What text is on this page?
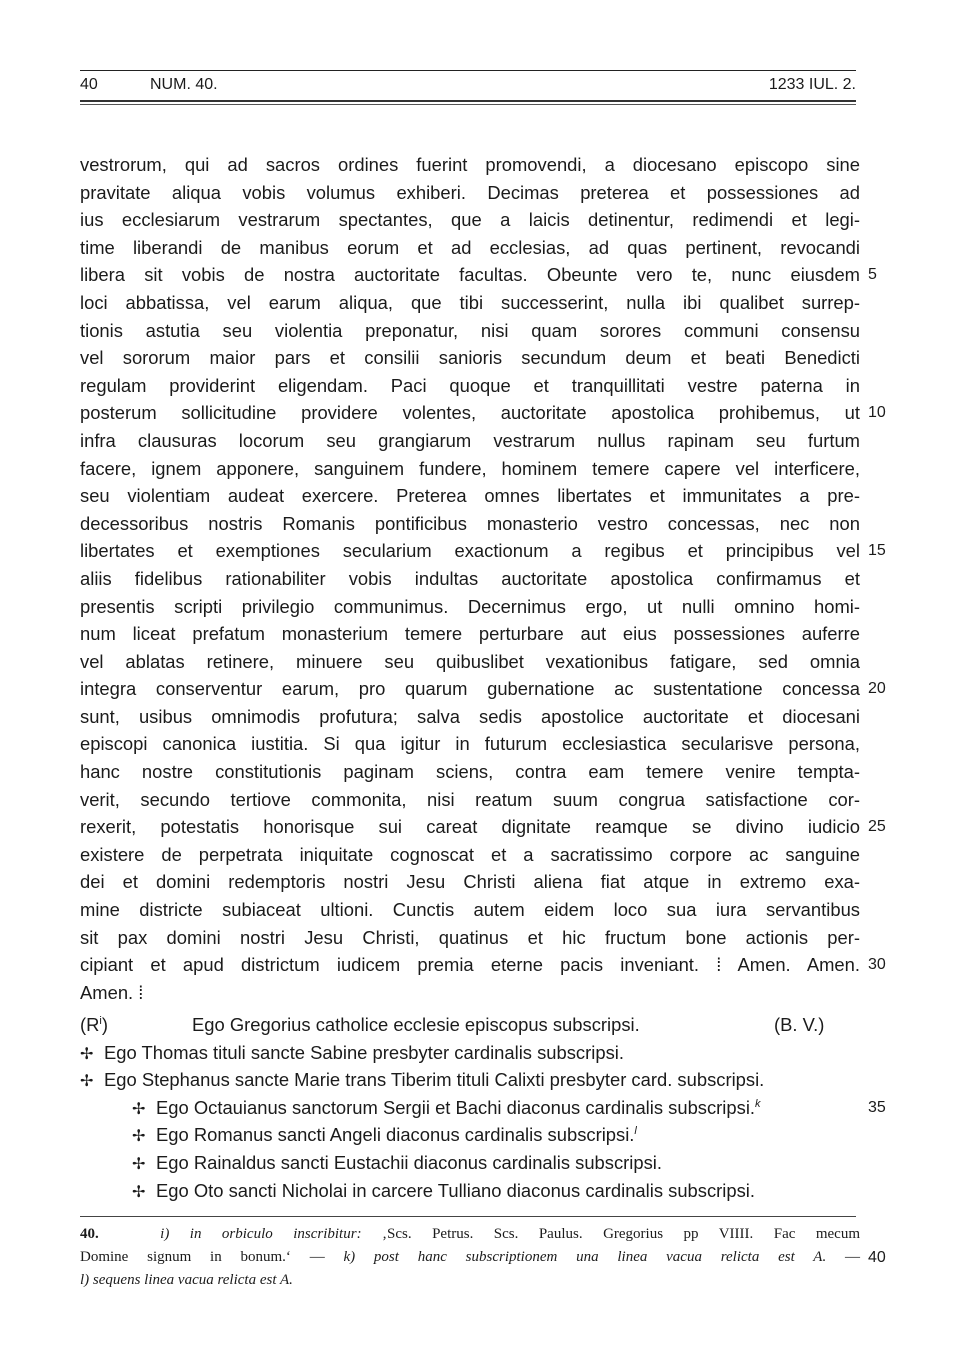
40	NUM. 40.	1233 IUL. 2.
vestrorum, qui ad sacros ordines fuerint promovendi, a diocesano episcopo sine
pravitate aliqua vobis volumus exhiberi. Decimas preterea et possessiones ad
ius ecclesiarum vestrarum spectantes, que a laicis detinentur, redimendi et legi-
time liberandi de manibus eorum et ad ecclesias, ad quas pertinent, revocandi
libera sit vobis de nostra auctoritate facultas. Obeunte vero te, nunc eiusdem 5
loci abbatissa, vel earum aliqua, que tibi successerint, nulla ibi qualibet surrep-
tionis astutia seu violentia preponatur, nisi quam sorores communi consensu
vel sororum maior pars et consilii sanioris secundum deum et beati Benedicti
regulam providerint eligendam. Paci quoque et tranquillitati vestre paterna in
posterum sollicitudine providere volentes, auctoritate apostolica prohibemus, ut 10
infra clausuras locorum seu grangiarum vestrarum nullus rapinam seu furtum
facere, ignem apponere, sanguinem fundere, hominem temere capere vel interficere,
seu violentiam audeat exercere. Preterea omnes libertates et immunitates a pre-
decessoribus nostris Romanis pontificibus monasterio vestro concessas, nec non
libertates et exemptiones secularium exactionum a regibus et principibus vel 15
aliis fidelibus rationabiliter vobis indultas auctoritate apostolica confirmamus et
presentis scripti privilegio communimus. Decernimus ergo, ut nulli omnino homi-
num liceat prefatum monasterium temere perturbare aut eius possessiones auferre
vel ablatas retinere, minuere seu quibuslibet vexationibus fatigare, sed omnia
integra conserventur earum, pro quarum gubernatione ac sustentatione concessa 20
sunt, usibus omnimodis profutura; salva sedis apostolice auctoritate et diocesani
episcopi canonica iustitia. Si qua igitur in futurum ecclesiastica secularisve persona,
hanc nostre constitutionis paginam sciens, contra eam temere venire tempta-
verit, secundo tertiove commonita, nisi reatum suum congrua satisfactione cor-
rexerit, potestatis honorisque sui careat dignitate reamque se divino iudicio 25
existere de perpetrata iniquitate cognoscat et a sacratissimo corpore ac sanguine
dei et domini redemptoris nostri Jesu Christi aliena fiat atque in extremo exa-
mine districte subiaceat ultioni. Cunctis autem eidem loco sua iura servantibus
sit pax domini nostri Jesu Christi, quatinus et hic fructum bone actionis per-
cipiant et apud districtum iudicem premia eterne pacis inveniant. ⁞ Amen. Amen. 30
Amen. ⁞
$(R^i)$	Ego Gregorius catholice ecclesie episcopus subscripsi.	(B. V.)
✢ Ego Thomas tituli sancte Sabine presbyter cardinalis subscripsi.
✢ Ego Stephanus sancte Marie trans Tiberim tituli Calixti presbyter card. subscripsi.
✢ Ego Octauianus sanctorum Sergii et Bachi diaconus cardinalis subscripsi.$^k$	35
✢ Ego Romanus sancti Angeli diaconus cardinalis subscripsi.$^l$
✢ Ego Rainaldus sancti Eustachii diaconus cardinalis subscripsi.
✢ Ego Oto sancti Nicholai in carcere Tulliano diaconus cardinalis subscripsi.
40.	i) in orbiculo inscribitur: ‚Scs. Petrus. Scs. Paulus. Gregorius pp VIIII. Fac mecum
Domine signum in bonum.‘ — k) post hanc subscriptionem una linea vacua relicta est A. — 40
l) sequens linea vacua relicta est A.
